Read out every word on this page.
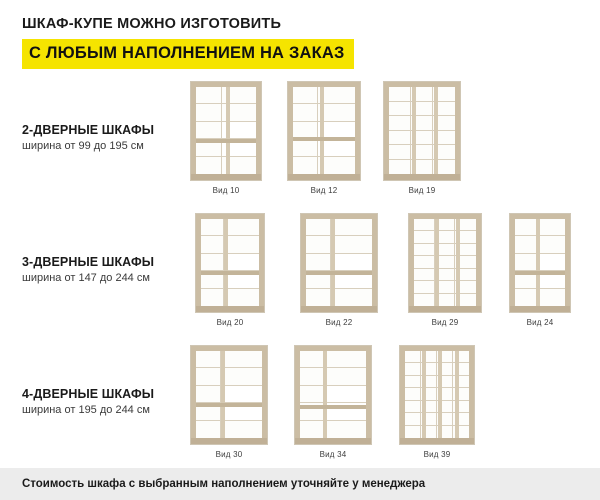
ШКАФ-КУПЕ МОЖНО ИЗГОТОВИТЬ
С ЛЮБЫМ НАПОЛНЕНИЕМ НА ЗАКАЗ
2-ДВЕРНЫЕ ШКАФЫ
ширина от 99 до 195 см
Вид 10	Вид 12	Вид 19
3-ДВЕРНЫЕ ШКАФЫ
ширина от 147 до 244 см
Вид 20	Вид 22	Вид 29	Вид 24
4-ДВЕРНЫЕ ШКАФЫ
ширина от 195 до 244 см
Вид 30	Вид 34	Вид 39
Стоимость шкафа с выбранным наполнением уточняйте у менеджера
